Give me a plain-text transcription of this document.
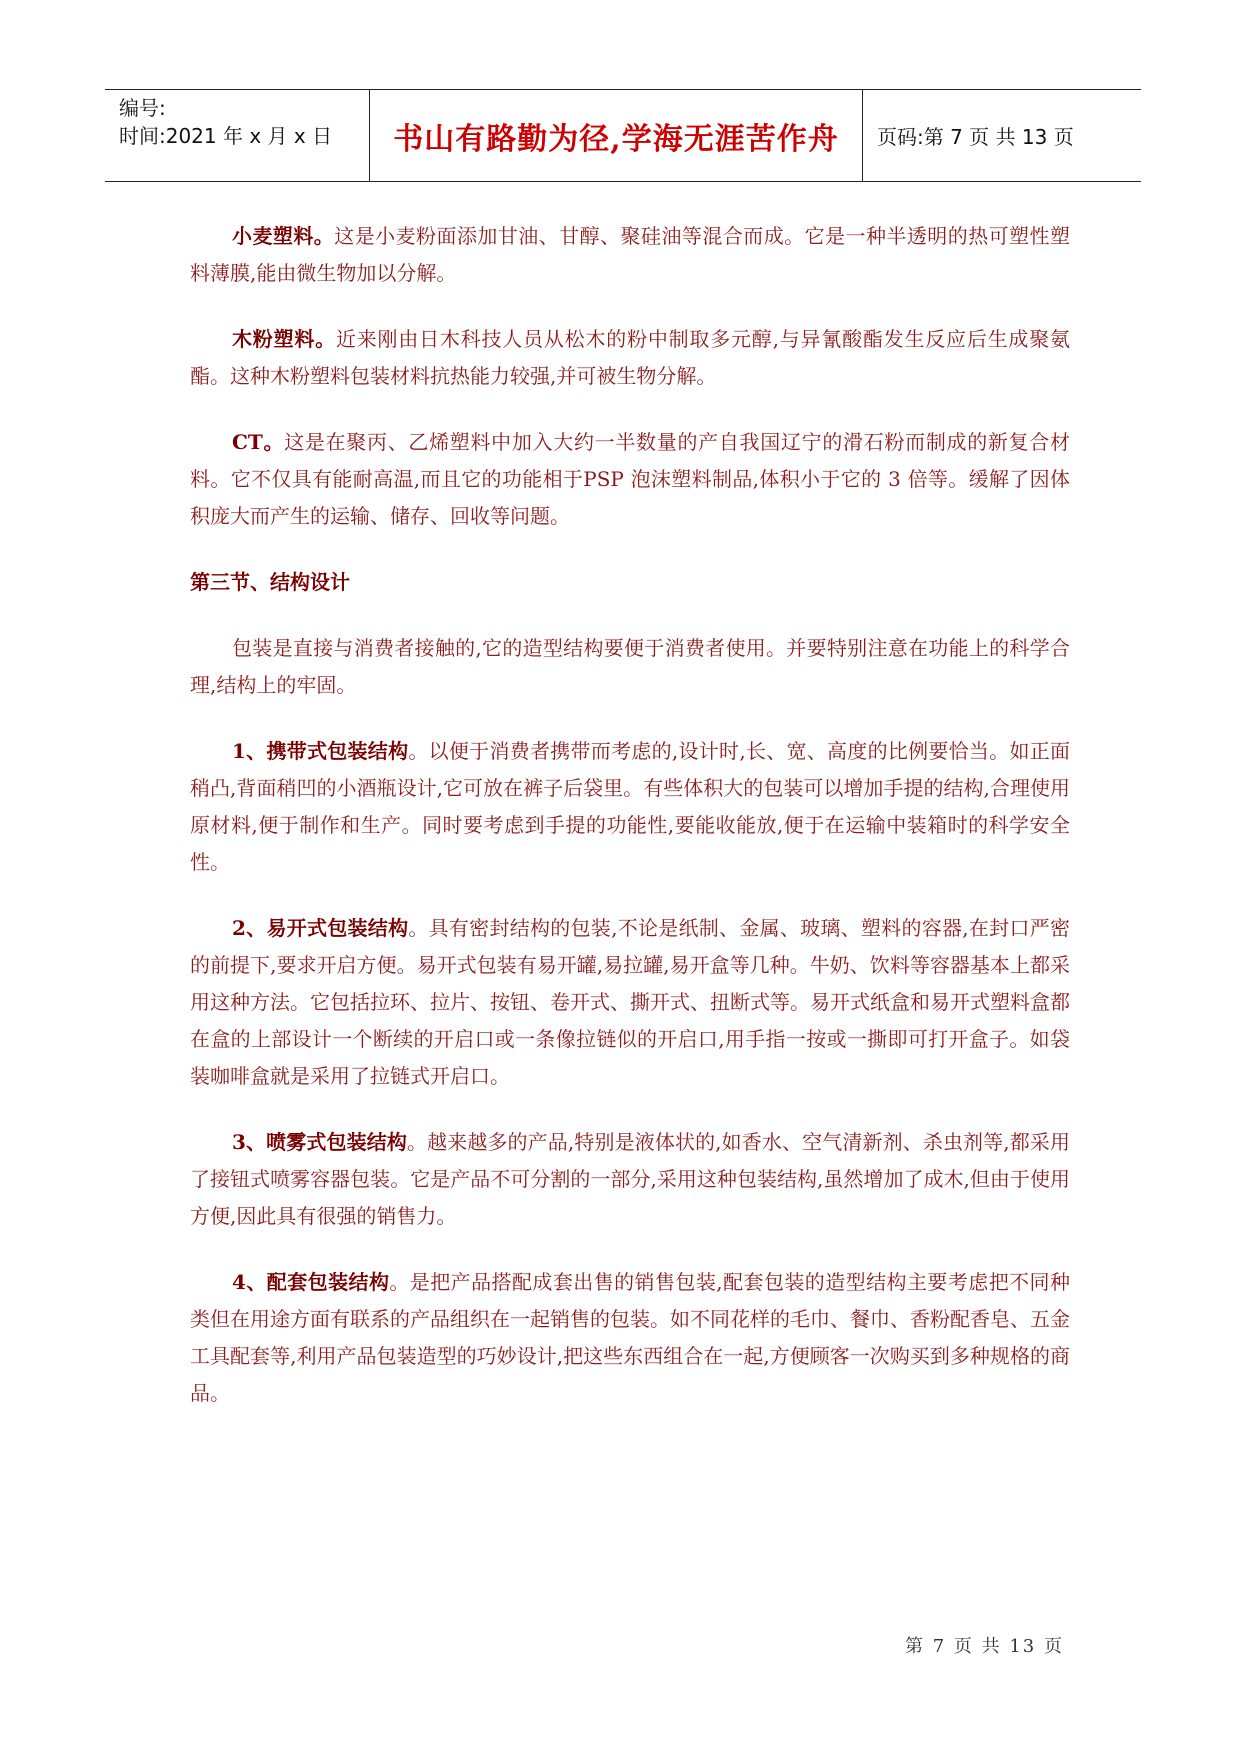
编号:
时间:2021 年 x 月 x 日	书山有路勤为径,学海无涯苦作舟 页码:第 7 页 共 13 页

小麦塑料。这是小麦粉面添加甘油、甘醇、聚硅油等混合而成。它是一种半透明的热可塑性塑料薄膜,能由微生物加以分解。

木粉塑料。近来刚由日木科技人员从松木的粉中制取多元醇,与异氰酸酯发生反应后生成聚氨酯。这种木粉塑料包装材料抗热能力较强,并可被生物分解。

CT。这是在聚丙、乙烯塑料中加入大约一半数量的产自我国辽宁的滑石粉而制成的新复合材料。它不仅具有能耐高温,而且它的功能相于PSP 泡沫塑料制品,体积小于它的 3 倍等。缓解了因体积庞大而产生的运输、储存、回收等问题。

第三节、结构设计

包装是直接与消费者接触的,它的造型结构要便于消费者使用。并要特别注意在功能上的科学合理,结构上的牢固。

1、携带式包装结构。以便于消费者携带而考虑的,设计时,长、宽、高度的比例要恰当。如正面稍凸,背面稍凹的小酒瓶设计,它可放在裤子后袋里。有些体积大的包装可以增加手提的结构,合理使用原材料,便于制作和生产。同时要考虑到手提的功能性,要能收能放,便于在运输中装箱时的科学安全性。

2、易开式包装结构。具有密封结构的包装,不论是纸制、金属、玻璃、塑料的容器,在封口严密的前提下,要求开启方便。易开式包装有易开罐,易拉罐,易开盒等几种。牛奶、饮料等容器基本上都采用这种方法。它包括拉环、拉片、按钮、卷开式、撕开式、扭断式等。易开式纸盒和易开式塑料盒都在盒的上部设计一个断续的开启口或一条像拉链似的开启口,用手指一按或一撕即可打开盒子。如袋装咖啡盒就是采用了拉链式开启口。

3、喷雾式包装结构。越来越多的产品,特别是液体状的,如香水、空气清新剂、杀虫剂等,都采用了接钮式喷雾容器包装。它是产品不可分割的一部分,采用这种包装结构,虽然增加了成木,但由于使用方便,因此具有很强的销售力。

4、配套包装结构。是把产品搭配成套出售的销售包装,配套包装的造型结构主要考虑把不同种类但在用途方面有联系的产品组织在一起销售的包装。如不同花样的毛巾、餐巾、香粉配香皂、五金工具配套等,利用产品包装造型的巧妙设计,把这些东西组合在一起,方便顾客一次购买到多种规格的商品。

第 7 页 共 13 页
